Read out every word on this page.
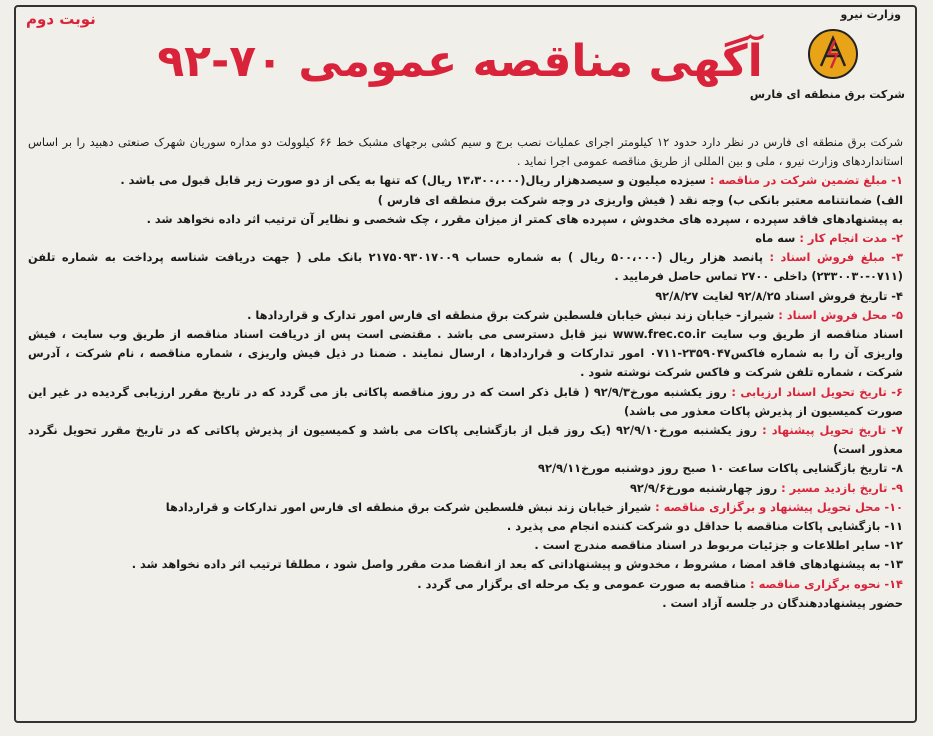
نوبت دوم	وزارت نیرو
شرکت برق منطقه ای فارس
آگهی مناقصه عمومی ۷۰-۹۲

شرکت برق منطقه ای فارس در نظر دارد حدود ۱۲ کیلومتر اجرای عملیات نصب برج و سیم کشی برجهای مشبک خط ۶۶ کیلوولت دو مداره سوریان شهرک صنعتی دهبید را بر اساس استانداردهای وزارت نیرو ، ملی و بین المللی از طریق مناقصه عمومی اجرا نماید .

۱- مبلغ تضمین شرکت در مناقصه : سیزده میلیون و سیصدهزار ریال(۱۳،۳۰۰،۰۰۰ ریال) که تنها به یکی از دو صورت زیر قابل قبول می باشد .

الف) ضمانتنامه معتبر بانکی ب) وجه نقد ( فیش واریزی در وجه شرکت برق منطقه ای فارس )

به پیشنهادهای فاقد سپرده ، سپرده های مخدوش ، سپرده های کمتر از میزان مقرر ، چک شخصی و نظایر آن ترتیب اثر داده نخواهد شد .

۲- مدت انجام کار : سه ماه

۳- مبلغ فروش اسناد : پانصد هزار ریال (۵۰۰،۰۰۰ ریال ) به شماره حساب ۲۱۷۵۰۹۳۰۱۷۰۰۹ بانک ملی ( جهت دریافت شناسه پرداخت به شماره تلفن (۰۷۱۱-۲۳۳۰۰۳۰) داخلی ۲۷۰۰ تماس حاصل فرمایید .

۴- تاریخ فروش اسناد ۹۲/۸/۲۵ لغایت ۹۲/۸/۲۷

۵- محل فروش اسناد : شیراز- خیابان زند نبش خیابان فلسطین شرکت برق منطقه ای فارس امور تدارک و قراردادها .

اسناد مناقصه از طریق وب سایت www.frec.co.ir نیز قابل دسترسی می باشد . مقتضی است پس از دریافت اسناد مناقصه از طریق وب سایت ، فیش واریزی آن را به شماره فاکس۲۳۵۹۰۴۷-۰۷۱۱ امور تدارکات و قراردادها ، ارسال نمایند . ضمنا در ذیل فیش واریزی ، شماره مناقصه ، نام شرکت ، آدرس شرکت ، شماره تلفن شرکت و فاکس شرکت نوشته شود .

۶- تاریخ تحویل اسناد ارزیابی : روز یکشنبه مورخ۹۲/۹/۳ ( قابل ذکر است که در روز مناقصه پاکاتی باز می گردد که در تاریخ مقرر ارزیابی گردیده در غیر این صورت کمیسیون از پذیرش پاکات معذور می باشد)

۷- تاریخ تحویل پیشنهاد : روز یکشنبه مورخ۹۲/۹/۱۰ (یک روز قبل از بازگشایی پاکات می باشد و کمیسیون از پذیرش پاکاتی که در تاریخ مقرر تحویل نگردد معذور است)

۸- تاریخ بازگشایی پاکات ساعت ۱۰ صبح روز دوشنبه مورخ۹۲/۹/۱۱

۹- تاریخ بازدید مسیر : روز چهارشنبه مورخ۹۲/۹/۶

۱۰- محل تحویل پیشنهاد و برگزاری مناقصه : شیراز خیابان زند نبش فلسطین شرکت برق منطقه ای فارس امور تدارکات و قراردادها

۱۱- بازگشایی پاکات مناقصه با حداقل دو شرکت کننده انجام می پذیرد .

۱۲- سایر اطلاعات و جزئیات مربوط در اسناد مناقصه مندرج است .

۱۳- به پیشنهادهای فاقد امضا ، مشروط ، مخدوش و پیشنهاداتی که بعد از انقضا مدت مقرر واصل شود ، مطلقا ترتیب اثر داده نخواهد شد .

۱۴- نحوه برگزاری مناقصه : مناقصه به صورت عمومی و یک مرحله ای برگزار می گردد .

حضور پیشنهاددهندگان در جلسه آزاد است .
